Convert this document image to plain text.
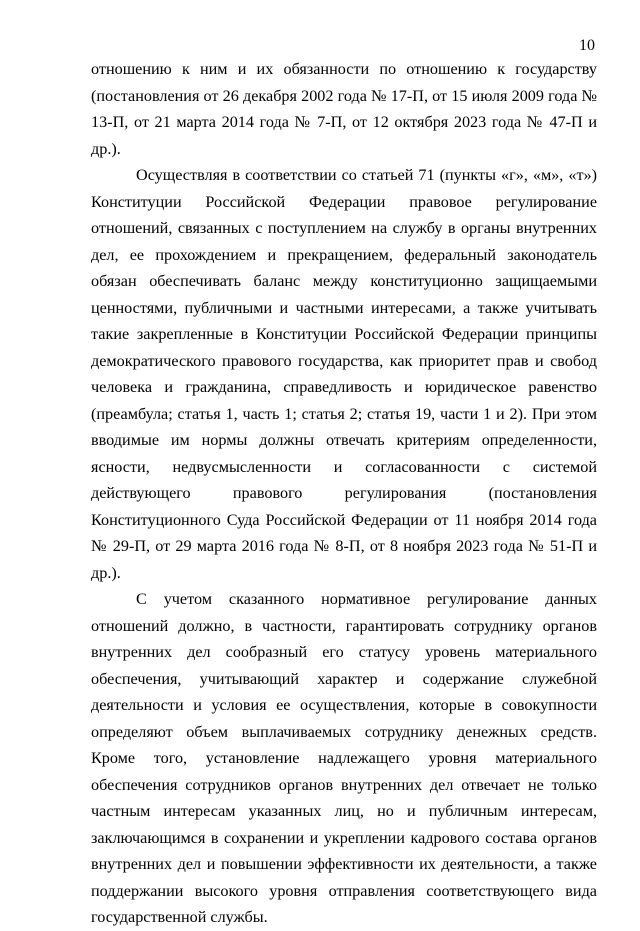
10

отношению к ним и их обязанности по отношению к государству (постановления от 26 декабря 2002 года № 17-П, от 15 июля 2009 года № 13-П, от 21 марта 2014 года № 7-П, от 12 октября 2023 года № 47-П и др.).

Осуществляя в соответствии со статьей 71 (пункты «г», «м», «т») Конституции Российской Федерации правовое регулирование отношений, связанных с поступлением на службу в органы внутренних дел, ее прохождением и прекращением, федеральный законодатель обязан обеспечивать баланс между конституционно защищаемыми ценностями, публичными и частными интересами, а также учитывать такие закрепленные в Конституции Российской Федерации принципы демократического правового государства, как приоритет прав и свобод человека и гражданина, справедливость и юридическое равенство (преамбула; статья 1, часть 1; статья 2; статья 19, части 1 и 2). При этом вводимые им нормы должны отвечать критериям определенности, ясности, недвусмысленности и согласованности с системой действующего правового регулирования (постановления Конституционного Суда Российской Федерации от 11 ноября 2014 года № 29-П, от 29 марта 2016 года № 8-П, от 8 ноября 2023 года № 51-П и др.).

С учетом сказанного нормативное регулирование данных отношений должно, в частности, гарантировать сотруднику органов внутренних дел сообразный его статусу уровень материального обеспечения, учитывающий характер и содержание служебной деятельности и условия ее осуществления, которые в совокупности определяют объем выплачиваемых сотруднику денежных средств. Кроме того, установление надлежащего уровня материального обеспечения сотрудников органов внутренних дел отвечает не только частным интересам указанных лиц, но и публичным интересам, заключающимся в сохранении и укреплении кадрового состава органов внутренних дел и повышении эффективности их деятельности, а также поддержании высокого уровня отправления соответствующего вида государственной службы.
